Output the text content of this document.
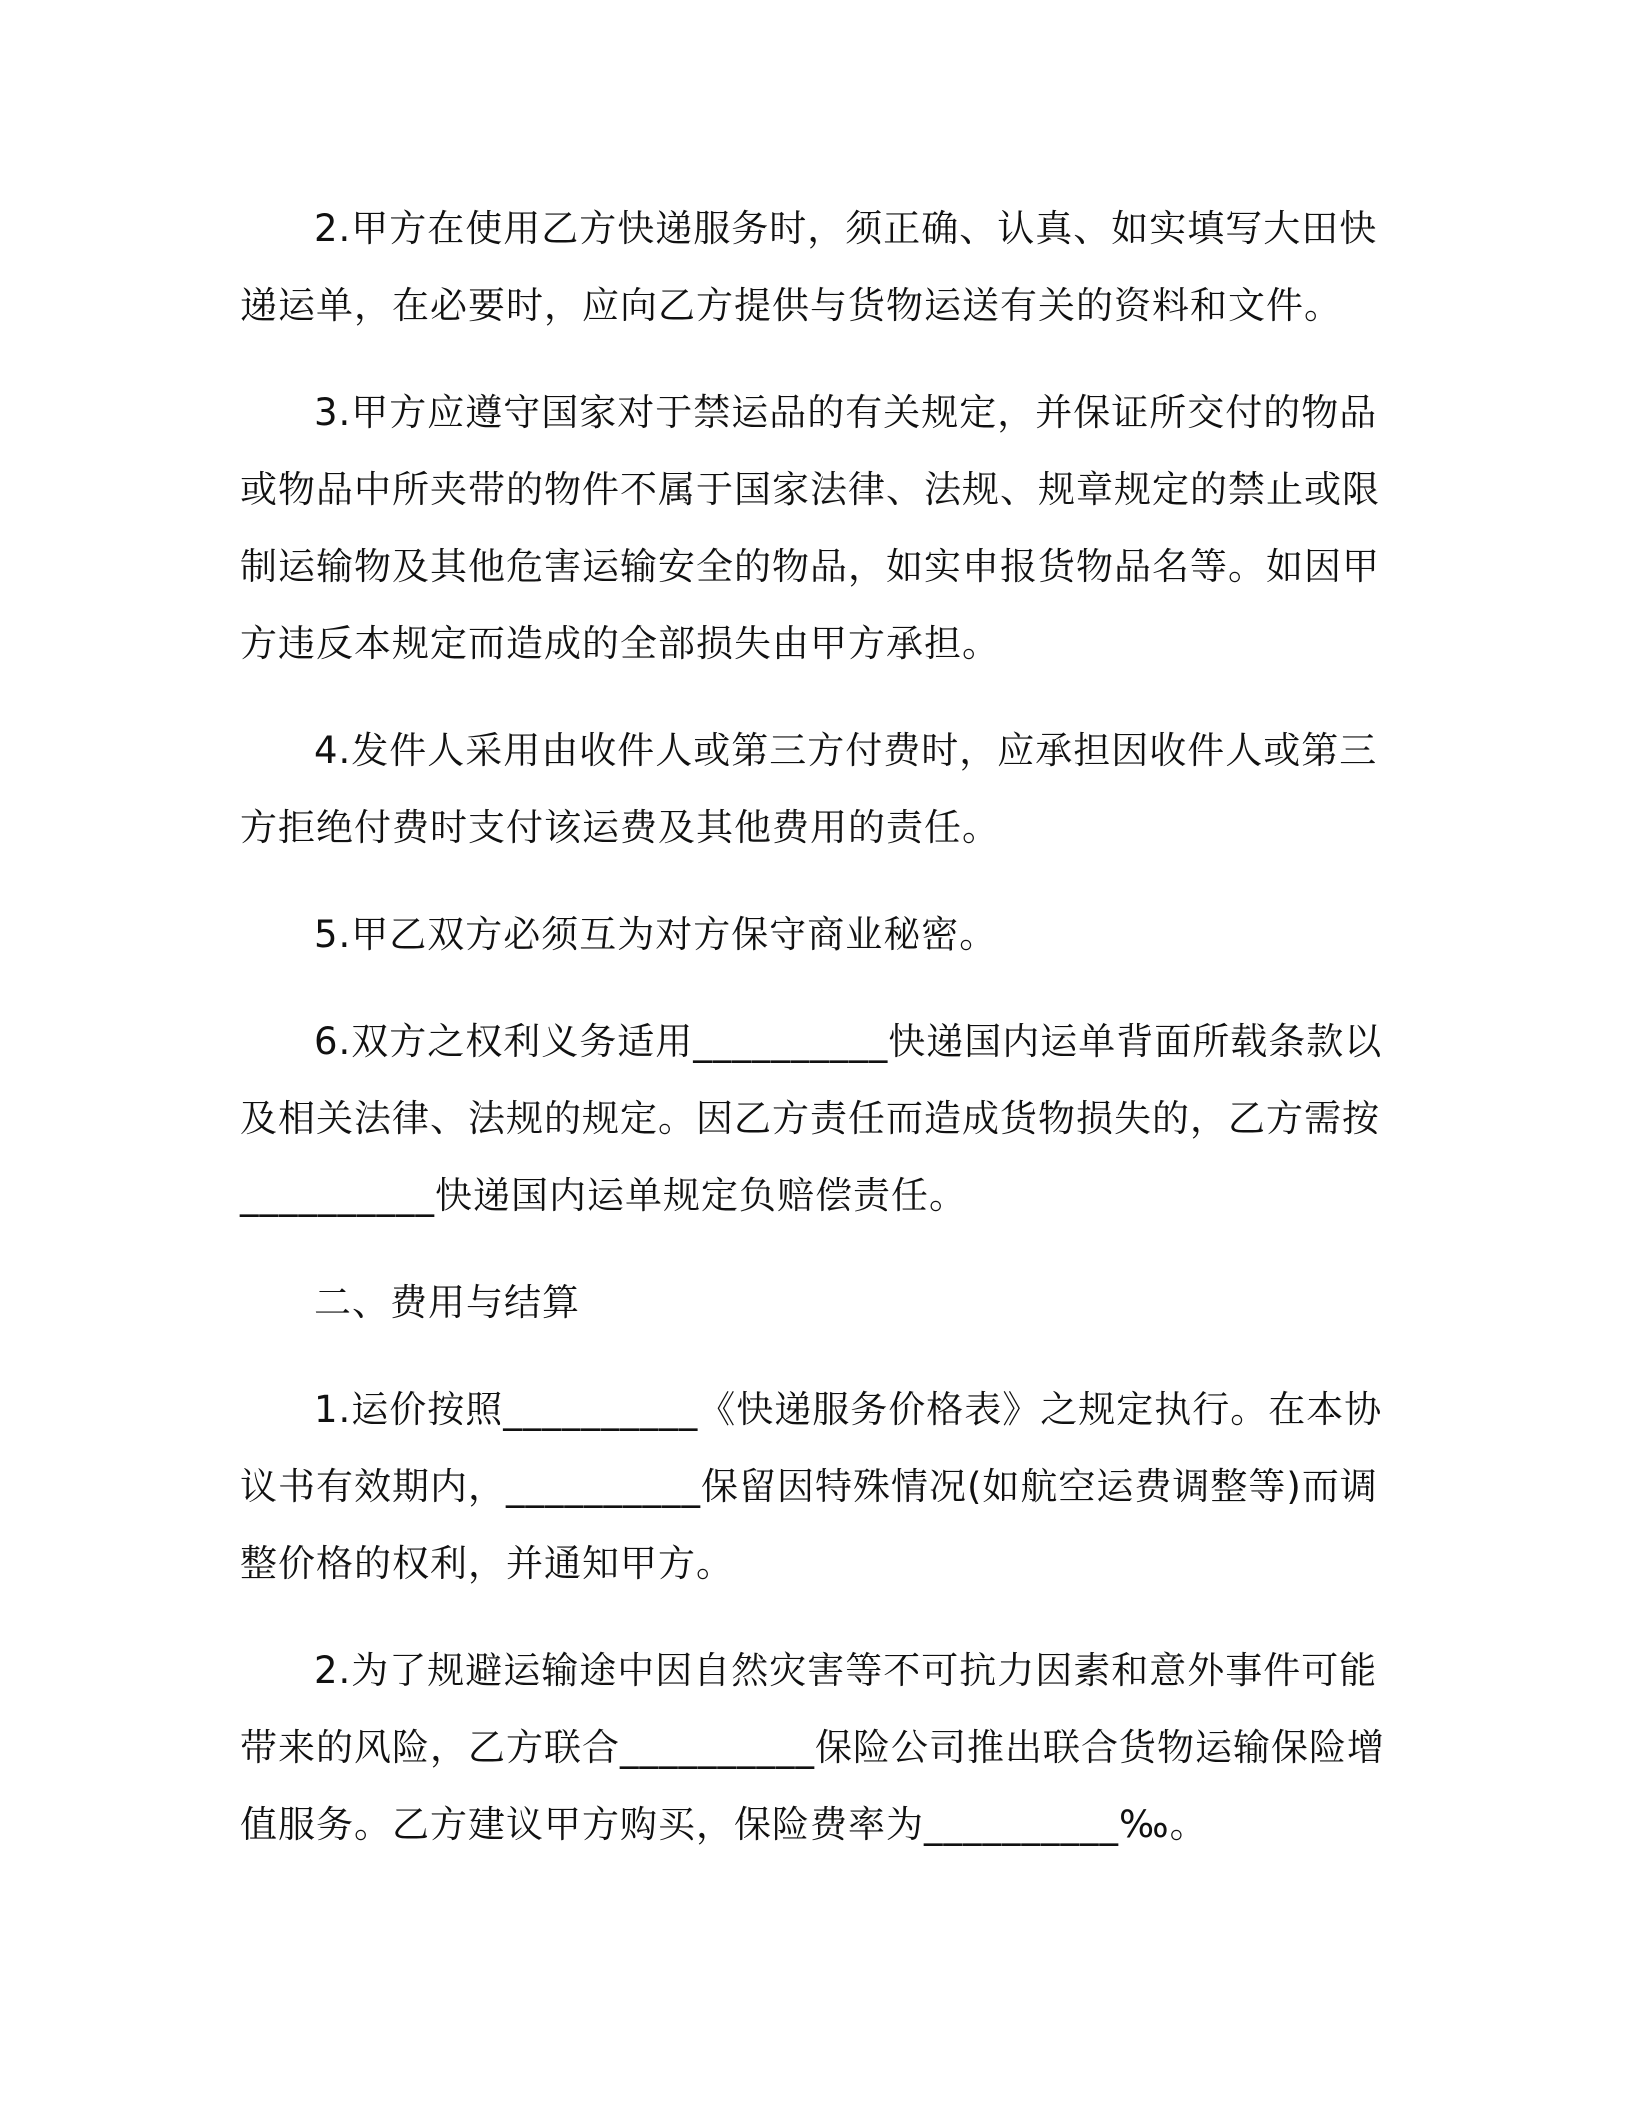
2.甲方在使用乙方快递服务时，须正确、认真、如实填写大田快递运单，在必要时，应向乙方提供与货物运送有关的资料和文件。

3.甲方应遵守国家对于禁运品的有关规定，并保证所交付的物品或物品中所夹带的物件不属于国家法律、法规、规章规定的禁止或限制运输物及其他危害运输安全的物品，如实申报货物品名等。如因甲方违反本规定而造成的全部损失由甲方承担。

4.发件人采用由收件人或第三方付费时，应承担因收件人或第三方拒绝付费时支付该运费及其他费用的责任。

5.甲乙双方必须互为对方保守商业秘密。

6.双方之权利义务适用__________快递国内运单背面所载条款以及相关法律、法规的规定。因乙方责任而造成货物损失的，乙方需按__________快递国内运单规定负赔偿责任。

二、费用与结算

1.运价按照__________《快递服务价格表》之规定执行。在本协议书有效期内，__________保留因特殊情况(如航空运费调整等)而调整价格的权利，并通知甲方。

2.为了规避运输途中因自然灾害等不可抗力因素和意外事件可能带来的风险，乙方联合__________保险公司推出联合货物运输保险增值服务。乙方建议甲方购买，保险费率为__________‰。
